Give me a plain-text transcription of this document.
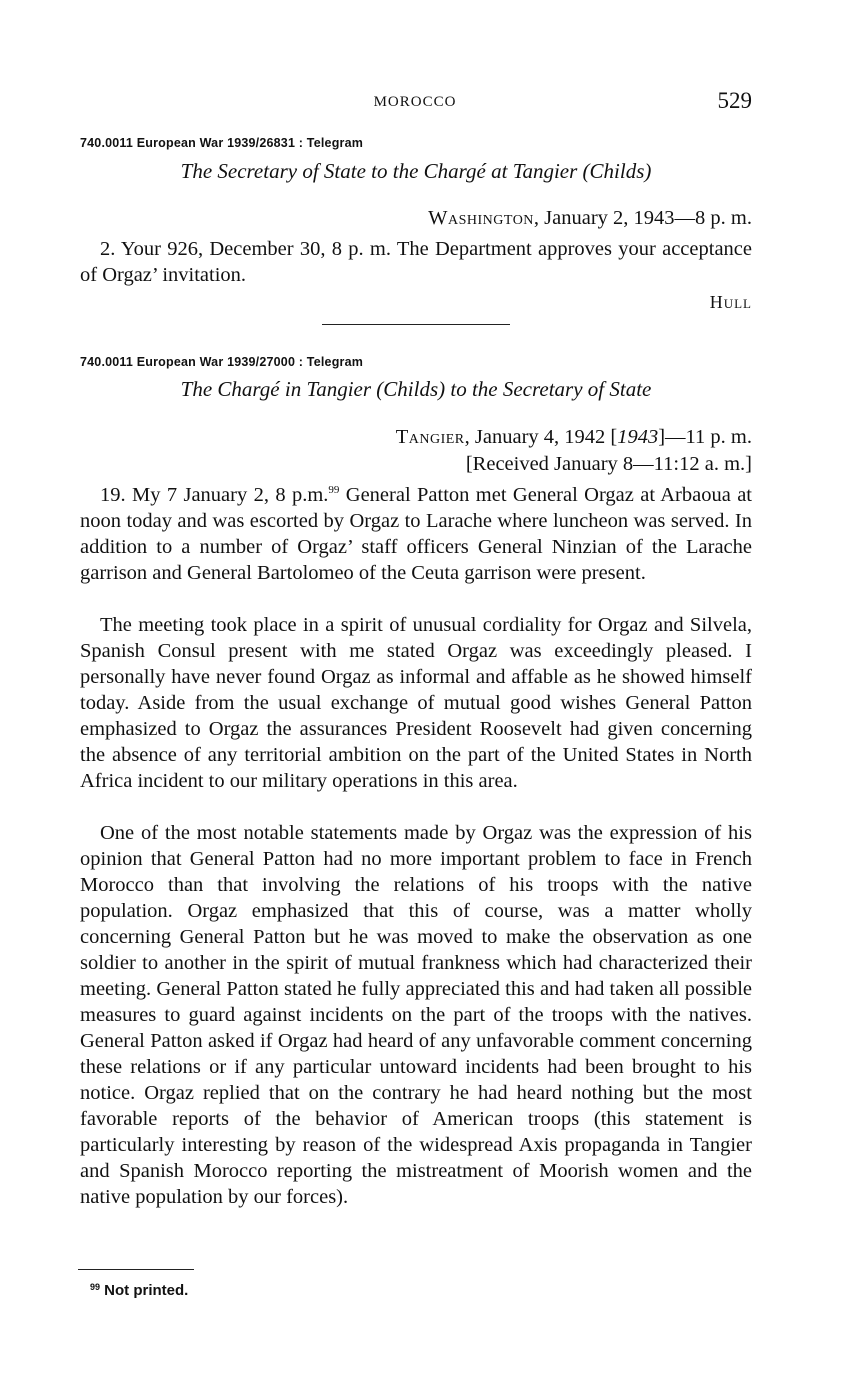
MOROCCO	529
740.0011 European War 1939/26831 : Telegram
The Secretary of State to the Chargé at Tangier (Childs)
Washington, January 2, 1943—8 p. m.

2. Your 926, December 30, 8 p. m. The Department approves your acceptance of Orgaz’ invitation.

Hull
740.0011 European War 1939/27000 : Telegram
The Chargé in Tangier (Childs) to the Secretary of State
Tangier, January 4, 1942 [1943]—11 p. m.
[Received January 8—11:12 a. m.]

19. My 7 January 2, 8 p.m.$^{99}$ General Patton met General Orgaz at Arbaoua at noon today and was escorted by Orgaz to Larache where luncheon was served. In addition to a number of Orgaz’ staff officers General Ninzian of the Larache garrison and General Bartolomeo of the Ceuta garrison were present.

The meeting took place in a spirit of unusual cordiality for Orgaz and Silvela, Spanish Consul present with me stated Orgaz was exceedingly pleased. I personally have never found Orgaz as informal and affable as he showed himself today. Aside from the usual exchange of mutual good wishes General Patton emphasized to Orgaz the assurances President Roosevelt had given concerning the absence of any territorial ambition on the part of the United States in North Africa incident to our military operations in this area.

One of the most notable statements made by Orgaz was the expression of his opinion that General Patton had no more important problem to face in French Morocco than that involving the relations of his troops with the native population. Orgaz emphasized that this of course, was a matter wholly concerning General Patton but he was moved to make the observation as one soldier to another in the spirit of mutual frankness which had characterized their meeting. General Patton stated he fully appreciated this and had taken all possible measures to guard against incidents on the part of the troops with the natives. General Patton asked if Orgaz had heard of any unfavorable comment concerning these relations or if any particular untoward incidents had been brought to his notice. Orgaz replied that on the contrary he had heard nothing but the most favorable reports of the behavior of American troops (this statement is particularly interesting by reason of the widespread Axis propaganda in Tangier and Spanish Morocco reporting the mistreatment of Moorish women and the native population by our forces).

$^{99}$ Not printed.
